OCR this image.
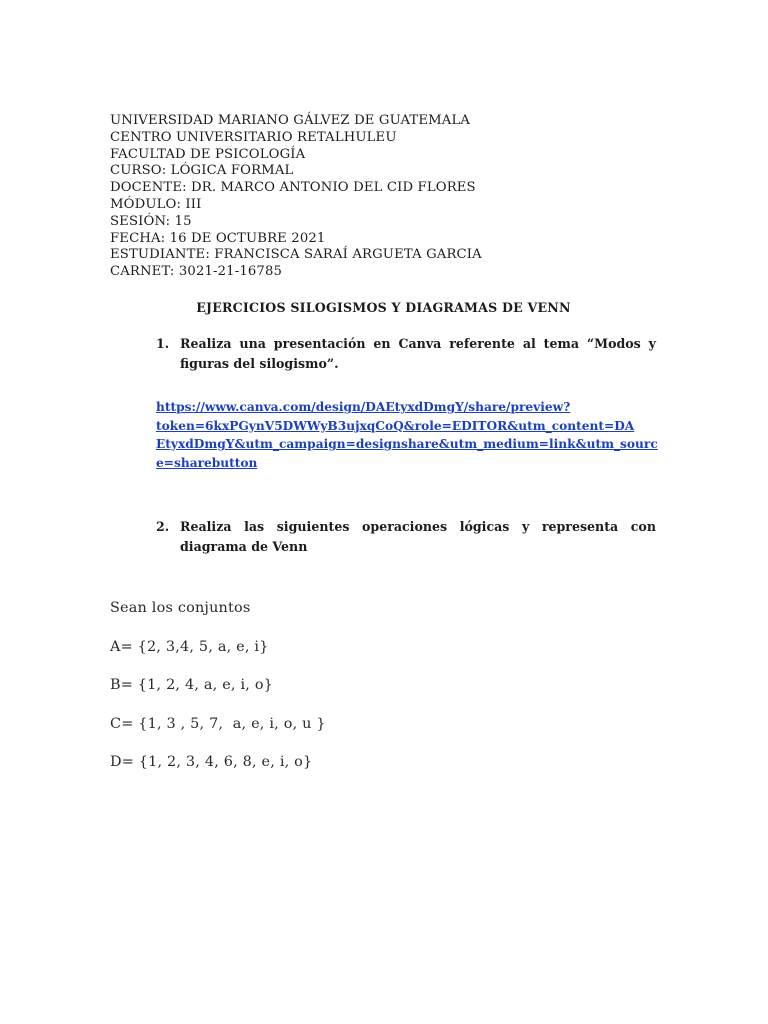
UNIVERSIDAD MARIANO GÁLVEZ DE GUATEMALA
CENTRO UNIVERSITARIO RETALHULEU
FACULTAD DE PSICOLOGÍA
CURSO: LÓGICA FORMAL
DOCENTE: DR. MARCO ANTONIO DEL CID FLORES
MÓDULO: III
SESIÓN: 15
FECHA: 16 DE OCTUBRE 2021
ESTUDIANTE: FRANCISCA SARAÍ ARGUETA GARCIA
CARNET: 3021-21-16785
EJERCICIOS SILOGISMOS Y DIAGRAMAS DE VENN
1. Realiza una presentación en Canva referente al tema “Modos y figuras del silogismo”.
https://www.canva.com/design/DAEtyxdDmgY/share/preview?
token=6kxPGynV5DWWyB3ujxqCoQ&role=EDITOR&utm_content=DA
EtyxdDmgY&utm_campaign=designshare&utm_medium=link&utm_sourc
e=sharebutton
2. Realiza las siguientes operaciones lógicas y representa con diagrama de Venn
Sean los conjuntos
A= {2, 3,4, 5, a, e, i}
B= {1, 2, 4, a, e, i, o}
C= {1, 3 , 5, 7,  a, e, i, o, u }
D= {1, 2, 3, 4, 6, 8, e, i, o}
